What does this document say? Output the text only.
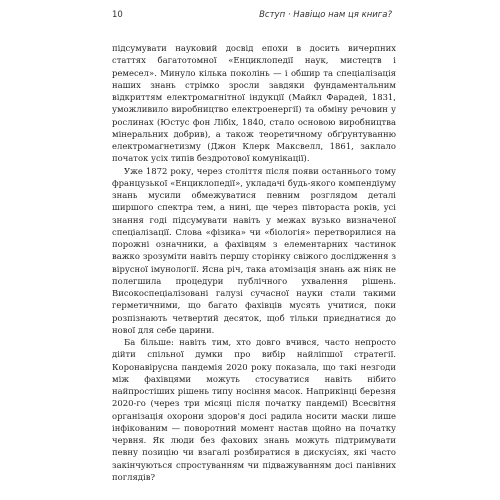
10	Вступ · Навіщо нам ця книга?

підсумувати науковий досвід епохи в досить вичерпних статтях багатотомної «Енциклопедії наук, мистецтв і ремесел». Минуло кілька поколінь — і обшир та спеціалізація наших знань стрімко зросли завдяки фундаментальним відкриттям електромагнітної індукції (Майкл Фарадей, 1831, уможливило виробництво електроенергії) та обміну речовин у рослинах (Юстус фон Лібіх, 1840, стало основою виробництва мінеральних добрив), а також теоретичному обґрунтуванню електромагнетизму (Джон Клерк Максвелл, 1861, заклало початок усіх типів бездротової комунікації).

Уже 1872 року, через століття після появи останнього тому французької «Енциклопедії», укладачі будь-якого компендіуму знань мусили обмежуватися певним розглядом деталі ширшого спектра тем, а нині, ще через півтораста років, усі знання годі підсумувати навіть у межах вузько визначеної спеціалізації. Слова «фізика» чи «біологія» перетворилися на порожні означники, а фахівцям з елементарних частинок важко зрозуміти навіть першу сторінку свіжого дослідження з вірусної імунології. Ясна річ, така атомізація знань аж ніяк не полегшила процедури публічного ухвалення рішень. Високоспеціалізовані галузі сучасної науки стали такими герметичними, що багато фахівців мусять учитися, поки розпізнають четвертий десяток, щоб тільки приєднатися до нової для себе царини.

Ба більше: навіть тим, хто довго вчився, часто непросто дійти спільної думки про вибір найліпшої стратегії. Коронавірусна пандемія 2020 року показала, що такі незгоди між фахівцями можуть стосуватися навіть нібито найпростіших рішень типу носіння масок. Наприкінці березня 2020-го (через три місяці після початку пандемії) Всесвітня організація охорони здоров'я досі радила носити маски лише інфікованим — поворотний момент настав щойно на початку червня. Як люди без фахових знань можуть підтримувати певну позицію чи взагалі розбиратися в дискусіях, які часто закінчуються спростуванням чи підважуванням досі панівних поглядів?
